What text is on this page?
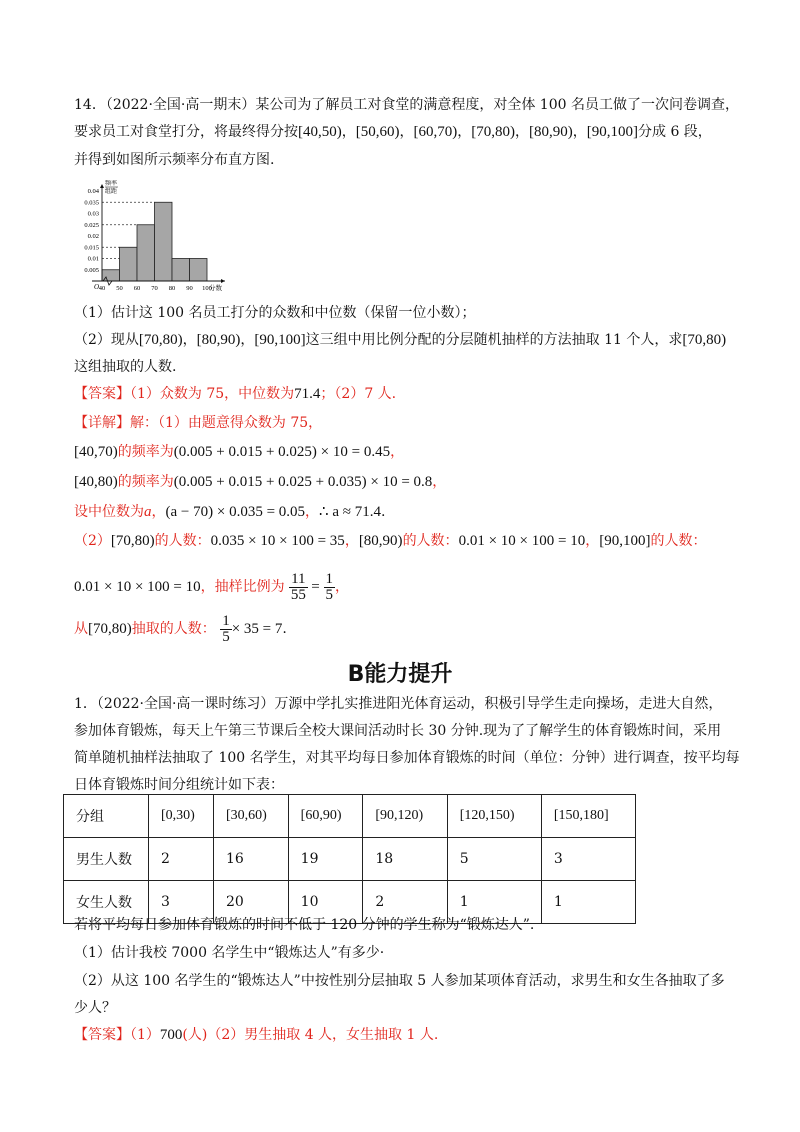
14．（2022·全国·高一期末）某公司为了解员工对食堂的满意程度，对全体 100 名员工做了一次问卷调查，
要求员工对食堂打分，将最终得分按[40,50)，[50,60)，[60,70)，[70,80)，[80,90)，[90,100]分成 6 段，
并得到如图所示频率分布直方图.
40 50 60 70 80 90 100
0.005
0.01
0.015
0.02
0.025
0.03
0.035
0.04
分数
O
频率
组距
（1）估计这 100 名员工打分的众数和中位数（保留一位小数）；
（2）现从[70,80)，[80,90)，[90,100]这三组中用比例分配的分层随机抽样的方法抽取 11 个人，求[70,80)
这组抽取的人数.
【答案】（1）众数为 75，中位数为71.4；（2）7 人.
【详解】解：（1）由题意得众数为 75，
[40,70)的频率为(0.005 + 0.015 + 0.025) × 10 = 0.45，
[40,80)的频率为(0.005 + 0.015 + 0.025 + 0.035) × 10 = 0.8，
设中位数为a，(a − 70) × 0.035 = 0.05，∴ a ≈ 71.4.
（2）[70,80)的人数：0.035 × 10 × 100 = 35，[80,90)的人数：0.01 × 10 × 100 = 10，[90,100]的人数：
0.01 × 10 × 100 = 10，抽样比例为 $\frac{11}{55} = \frac{1}{5}$ ，
从[70,80)抽取的人数： $\frac{1}{5} \times 35 = 7$.
B能力提升
1．（2022·全国·高一课时练习）万源中学扎实推进阳光体育运动，积极引导学生走向操场，走进大自然，
参加体育锻炼，每天上午第三节课后全校大课间活动时长 30 分钟.现为了了解学生的体育锻炼时间，采用
简单随机抽样法抽取了 100 名学生，对其平均每日参加体育锻炼的时间（单位：分钟）进行调查，按平均每
日体育锻炼时间分组统计如下表：
分组	[0,30)	[30,60)	[60,90)	[90,120)	[120,150)	[150,180]
男生人数	2	16	19	18	5	3
女生人数	3	20	10	2	1	1
若将平均每日参加体育锻炼的时间不低于 120 分钟的学生称为“锻炼达人”.
（1）估计我校 7000 名学生中“锻炼达人”有多少·
（2）从这 100 名学生的“锻炼达人”中按性别分层抽取 5 人参加某项体育活动，求男生和女生各抽取了多
少人？
【答案】（1）700(人)（2）男生抽取 4 人，女生抽取 1 人.
